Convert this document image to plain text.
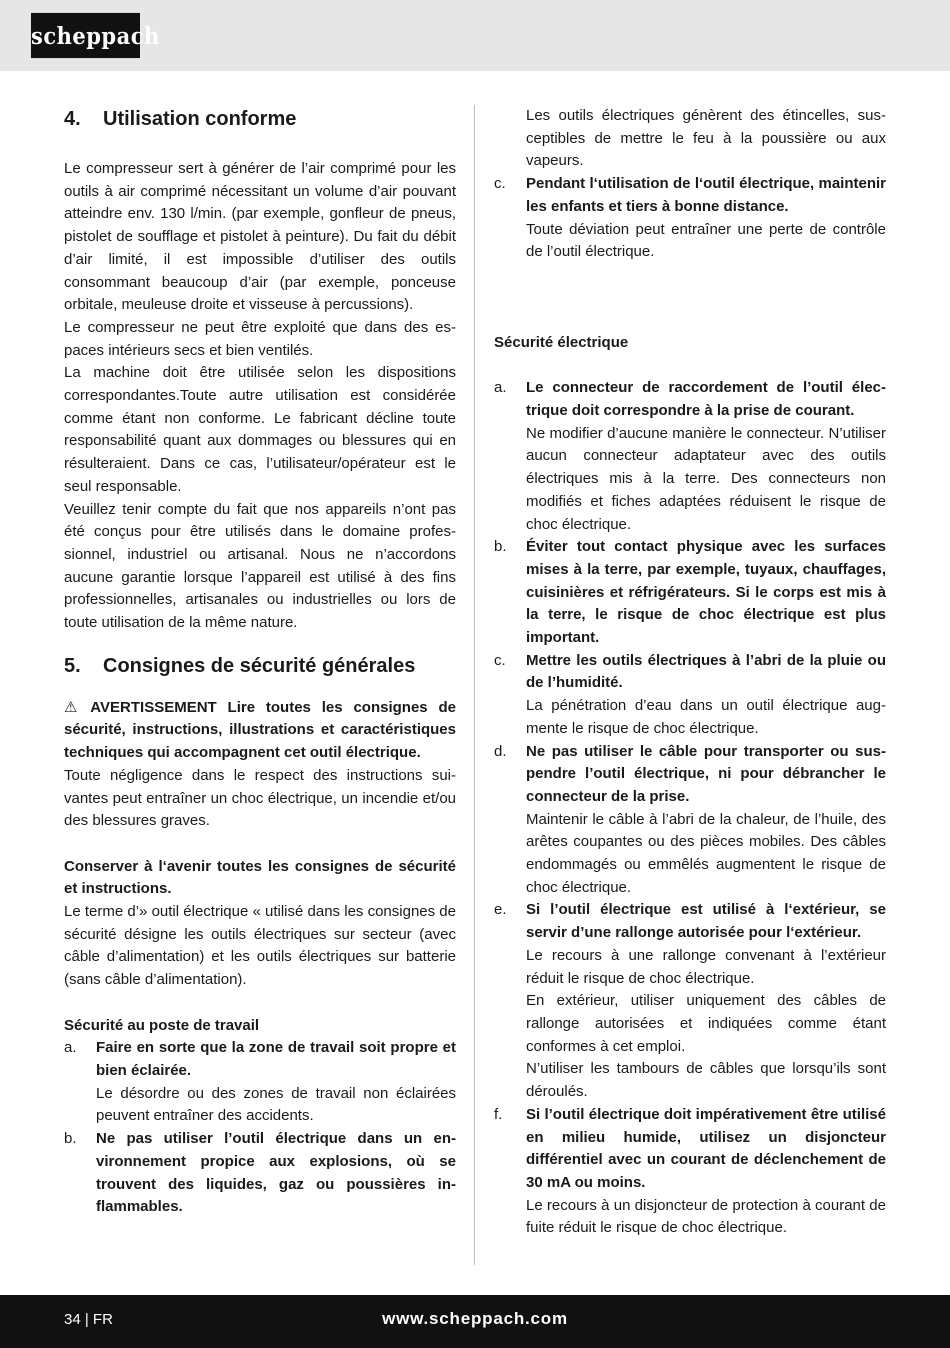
scheppach
4. Utilisation conforme

Le compresseur sert à générer de l’air comprimé pour les outils à air comprimé nécessitant un volume d’air pouvant atteindre env. 130 l/min. (par exemple, gonfleur de pneus, pistolet de soufflage et pistolet à peinture). Du fait du débit d’air limité, il est impossible d’utiliser des outils consommant beaucoup d’air (par exemple, ponceuse orbitale, meuleuse droite et visseuse à percussions).

Le compresseur ne peut être exploité que dans des espaces intérieurs secs et bien ventilés.

La machine doit être utilisée selon les dispositions correspondantes.Toute autre utilisation est considérée comme étant non conforme. Le fabricant décline toute responsabilité quant aux dommages ou blessures qui en résulteraient. Dans ce cas, l’utilisateur/opérateur est le seul responsable.

Veuillez tenir compte du fait que nos appareils n’ont pas été conçus pour être utilisés dans le domaine professionnel, industriel ou artisanal. Nous ne n’accordons aucune garantie lorsque l’appareil est utilisé à des fins professionnelles, artisanales ou industrielles ou lors de toute utilisation de la même nature.

5. Consignes de sécurité générales

⚠ AVERTISSEMENT Lire toutes les consignes de sécurité, instructions, illustrations et caractéristiques techniques qui accompagnent cet outil électrique.

Toute négligence dans le respect des instructions suivantes peut entraîner un choc électrique, un incendie et/ou des blessures graves.

Conserver à l‘avenir toutes les consignes de sécurité et instructions.

Le terme d’» outil électrique « utilisé dans les consignes de sécurité désigne les outils électriques sur secteur (avec câble d’alimentation) et les outils électriques sur batterie (sans câble d’alimentation).

Sécurité au poste de travail

a.	Faire en sorte que la zone de travail soit propre et bien éclairée.

Le désordre ou des zones de travail non éclairées peuvent entraîner des accidents.

b.	Ne pas utiliser l’outil électrique dans un environnement propice aux explosions, où se trouvent des liquides, gaz ou poussières inflammables.

Les outils électriques génèrent des étincelles, susceptibles de mettre le feu à la poussière ou aux vapeurs.

c.	Pendant l‘utilisation de l‘outil électrique, maintenir les enfants et tiers à bonne distance.

Toute déviation peut entraîner une perte de contrôle de l’outil électrique.

Sécurité électrique

a.	Le connecteur de raccordement de l’outil électrique doit correspondre à la prise de courant.

Ne modifier d’aucune manière le connecteur. N’utiliser aucun connecteur adaptateur avec des outils électriques mis à la terre. Des connecteurs non modifiés et fiches adaptées réduisent le risque de choc électrique.

b.	Éviter tout contact physique avec les surfaces mises à la terre, par exemple, tuyaux, chauffages, cuisinières et réfrigérateurs. Si le corps est mis à la terre, le risque de choc électrique est plus important.

c.	Mettre les outils électriques à l’abri de la pluie ou de l’humidité.

La pénétration d’eau dans un outil électrique augmente le risque de choc électrique.

d.	Ne pas utiliser le câble pour transporter ou suspendre l’outil électrique, ni pour débrancher le connecteur de la prise.

Maintenir le câble à l’abri de la chaleur, de l’huile, des arêtes coupantes ou des pièces mobiles. Des câbles endommagés ou emmêlés augmentent le risque de choc électrique.

e.	Si l’outil électrique est utilisé à l‘extérieur, se servir d’une rallonge autorisée pour l‘extérieur.

Le recours à une rallonge convenant à l’extérieur réduit le risque de choc électrique.

En extérieur, utiliser uniquement des câbles de rallonge autorisées et indiquées comme étant conformes à cet emploi.

N’utiliser les tambours de câbles que lorsqu’ils sont déroulés.

f.	Si l’outil électrique doit impérativement être utilisé en milieu humide, utilisez un disjoncteur différentiel avec un courant de déclenchement de 30 mA ou moins.

Le recours à un disjoncteur de protection à courant de fuite réduit le risque de choc électrique.

34 | FR	www.scheppach.com
